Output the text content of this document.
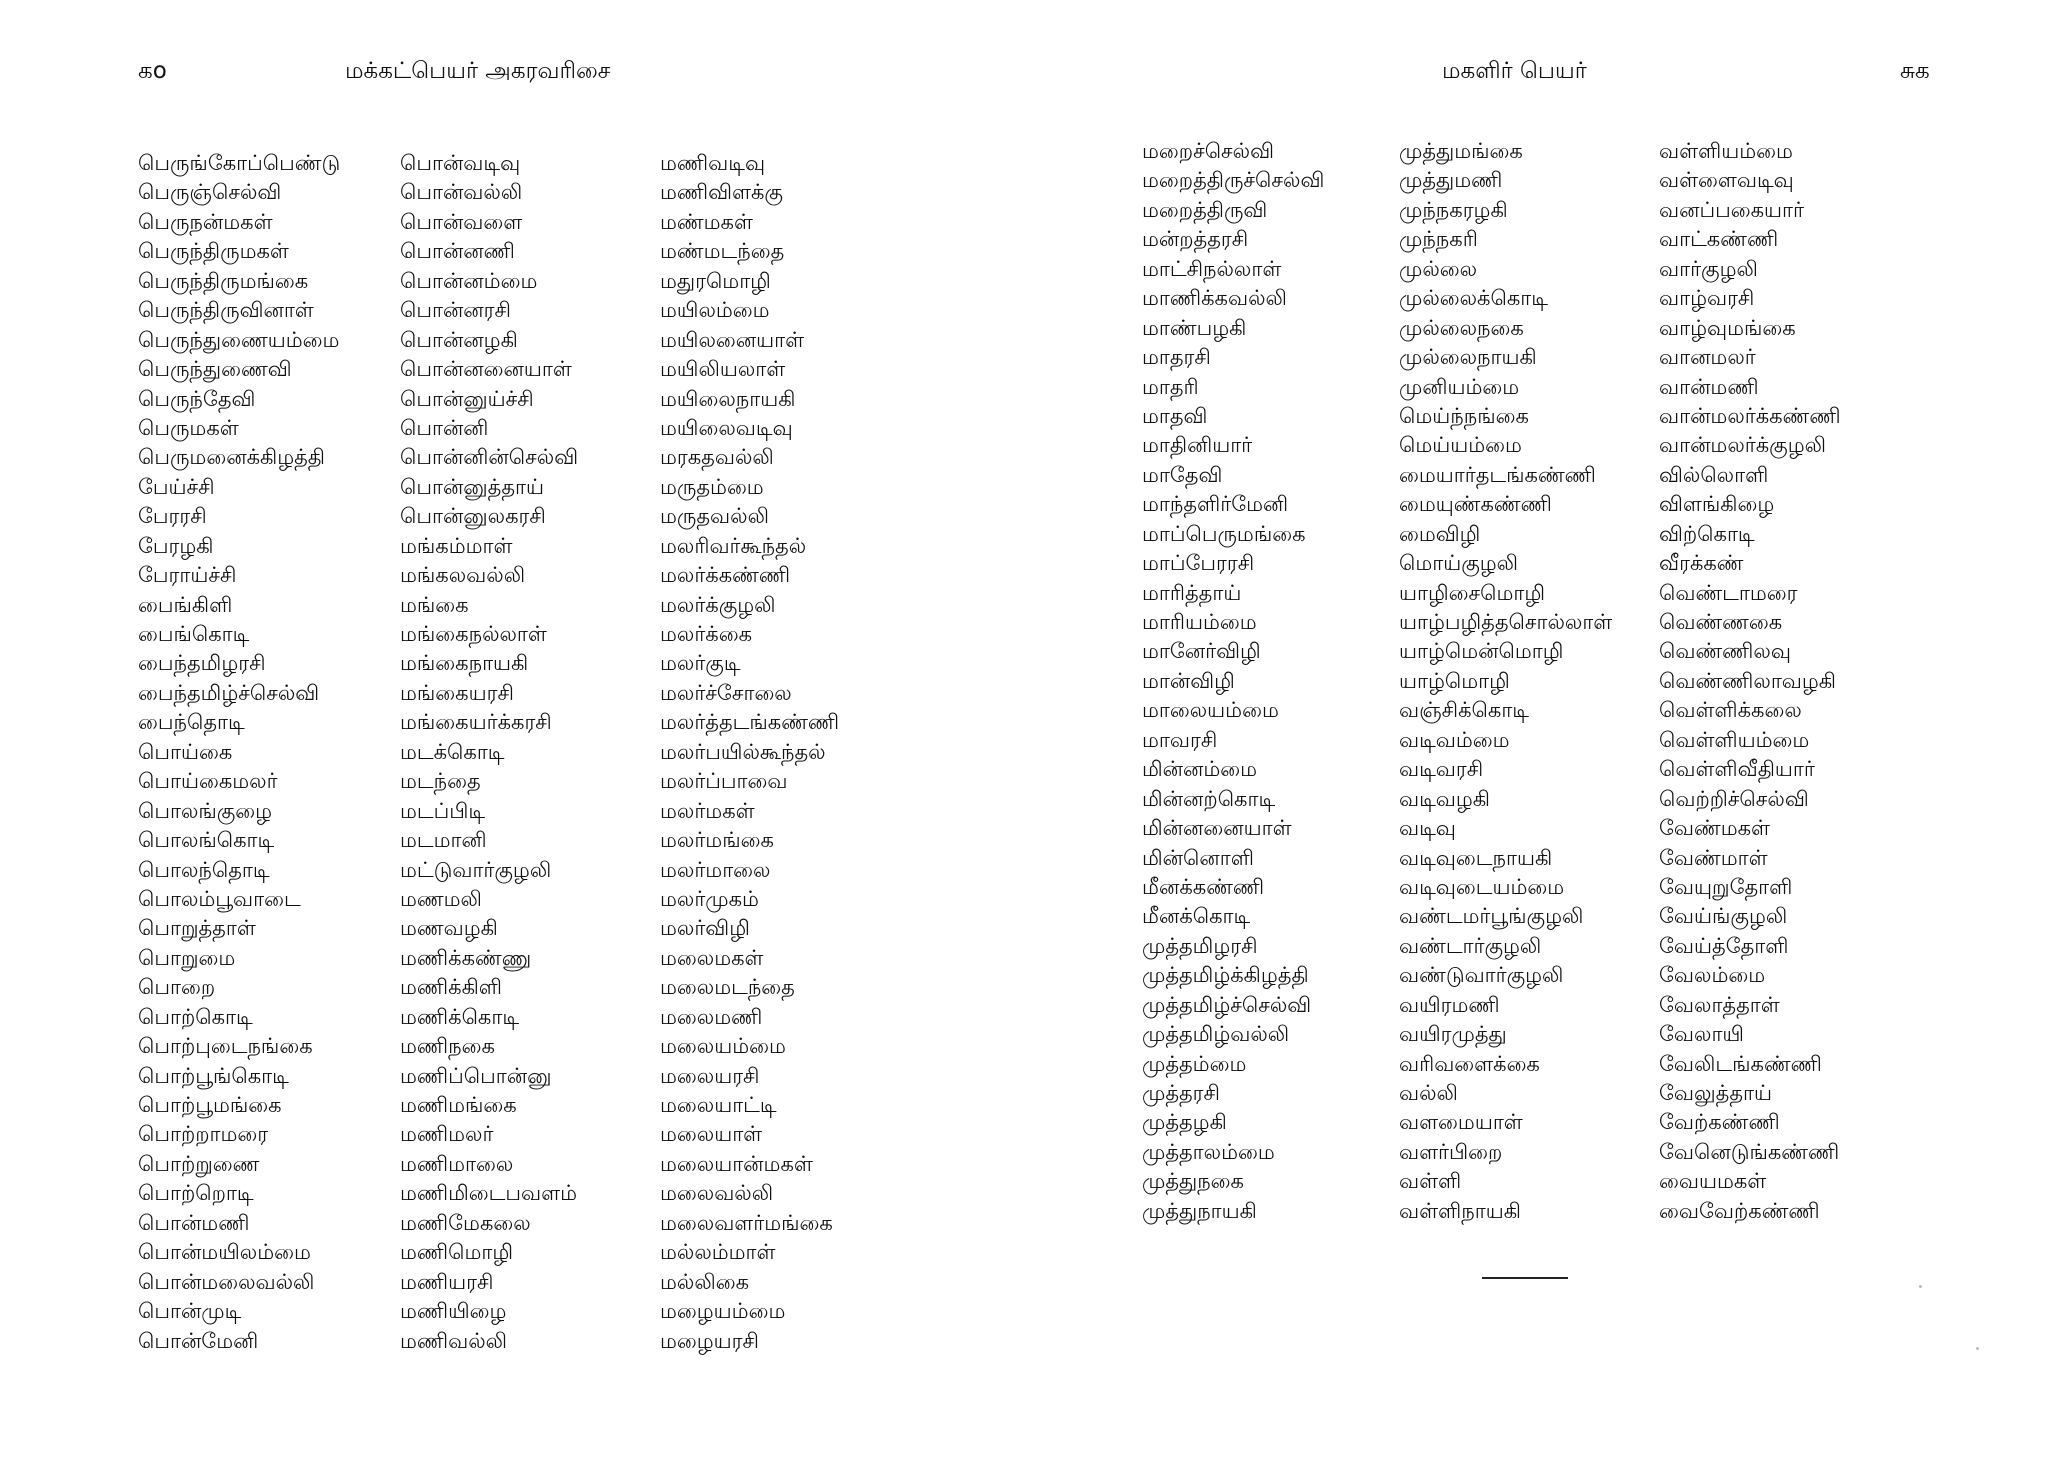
கo	மக்கட்பெயர் அகரவரிசை
பெருங்கோப்பெண்டு
பெருஞ்செல்வி
பெருநன்மகள்
பெருந்திருமகள்
பெருந்திருமங்கை
பெருந்திருவினாள்
பெருந்துணையம்மை
பெருந்துணைவி
பெருந்தேவி
பெருமகள்
பெருமனைக்கிழத்தி
பேய்ச்சி
பேரரசி
பேரழகி
பேராய்ச்சி
பைங்கிளி
பைங்கொடி
பைந்தமிழரசி
பைந்தமிழ்ச்செல்வி
பைந்தொடி
பொய்கை
பொய்கைமலர்
பொலங்குழை
பொலங்கொடி
பொலந்தொடி
பொலம்பூவாடை
பொறுத்தாள்
பொறுமை
பொறை
பொற்கொடி
பொற்புடைநங்கை
பொற்பூங்கொடி
பொற்பூமங்கை
பொற்றாமரை
பொற்றுணை
பொற்றொடி
பொன்மணி
பொன்மயிலம்மை
பொன்மலைவல்லி
பொன்முடி
பொன்மேனி
பொன்வடிவு
பொன்வல்லி
பொன்வளை
பொன்னணி
பொன்னம்மை
பொன்னரசி
பொன்னழகி
பொன்னனையாள்
பொன்னுய்ச்சி
பொன்னி
பொன்னின்செல்வி
பொன்னுத்தாய்
பொன்னுலகரசி
மங்கம்மாள்
மங்கலவல்லி
மங்கை
மங்கைநல்லாள்
மங்கைநாயகி
மங்கையரசி
மங்கையர்க்கரசி
மடக்கொடி
மடந்தை
மடப்பிடி
மடமானி
மட்டுவார்குழலி
மணமலி
மணவழகி
மணிக்கண்ணு
மணிக்கிளி
மணிக்கொடி
மணிநகை
மணிப்பொன்னு
மணிமங்கை
மணிமலர்
மணிமாலை
மணிமிடைபவளம்
மணிமேகலை
மணிமொழி
மணியரசி
மணியிழை
மணிவல்லி
மணிவடிவு
மணிவிளக்கு
மண்மகள்
மண்மடந்தை
மதுரமொழி
மயிலம்மை
மயிலனையாள்
மயிலியலாள்
மயிலைநாயகி
மயிலைவடிவு
மரகதவல்லி
மருதம்மை
மருதவல்லி
மலரிவர்கூந்தல்
மலர்க்கண்ணி
மலர்க்குழலி
மலர்க்கை
மலர்குடி
மலர்ச்சோலை
மலர்த்தடங்கண்ணி
மலர்பயில்கூந்தல்
மலர்ப்பாவை
மலர்மகள்
மலர்மங்கை
மலர்மாலை
மலர்முகம்
மலர்விழி
மலைமகள்
மலைமடந்தை
மலைமணி
மலையம்மை
மலையரசி
மலையாட்டி
மலையாள்
மலையான்மகள்
மலைவல்லி
மலைவளர்மங்கை
மல்லம்மாள்
மல்லிகை
மழையம்மை
மழையரசி
மகளிர் பெயர்	சுக
மறைச்செல்வி
மறைத்திருச்செல்வி
மறைத்திருவி
மன்றத்தரசி
மாட்சிநல்லாள்
மாணிக்கவல்லி
மாண்பழகி
மாதரசி
மாதரி
மாதவி
மாதினியார்
மாதேவி
மாந்தளிர்மேனி
மாப்பெருமங்கை
மாப்பேரரசி
மாரித்தாய்
மாரியம்மை
மானேர்விழி
மான்விழி
மாலையம்மை
மாவரசி
மின்னம்மை
மின்னற்கொடி
மின்னனையாள்
மின்னொளி
மீனக்கண்ணி
மீனக்கொடி
முத்தமிழரசி
முத்தமிழ்க்கிழத்தி
முத்தமிழ்ச்செல்வி
முத்தமிழ்வல்லி
முத்தம்மை
முத்தரசி
முத்தழகி
முத்தாலம்மை
முத்துநகை
முத்துநாயகி
முத்துமங்கை
முத்துமணி
முந்நகரழகி
முந்நகரி
முல்லை
முல்லைக்கொடி
முல்லைநகை
முல்லைநாயகி
முனியம்மை
மெய்ந்நங்கை
மெய்யம்மை
மையார்தடங்கண்ணி
மையுண்கண்ணி
மைவிழி
மொய்குழலி
யாழிசைமொழி
யாழ்பழித்தசொல்லாள்
யாழ்மென்மொழி
யாழ்மொழி
வஞ்சிக்கொடி
வடிவம்மை
வடிவரசி
வடிவழகி
வடிவு
வடிவுடைநாயகி
வடிவுடையம்மை
வண்டமர்பூங்குழலி
வண்டார்குழலி
வண்டுவார்குழலி
வயிரமணி
வயிரமுத்து
வரிவளைக்கை
வல்லி
வளமையாள்
வளர்பிறை
வள்ளி
வள்ளிநாயகி
வள்ளியம்மை
வள்ளைவடிவு
வனப்பகையார்
வாட்கண்ணி
வார்குழலி
வாழ்வரசி
வாழ்வுமங்கை
வானமலர்
வான்மணி
வான்மலர்க்கண்ணி
வான்மலர்க்குழலி
வில்லொளி
விளங்கிழை
விற்கொடி
வீரக்கண்
வெண்டாமரை
வெண்ணகை
வெண்ணிலவு
வெண்ணிலாவழகி
வெள்ளிக்கலை
வெள்ளியம்மை
வெள்ளிவீதியார்
வெற்றிச்செல்வி
வேண்மகள்
வேண்மாள்
வேயுறுதோளி
வேய்ங்குழலி
வேய்த்தோளி
வேலம்மை
வேலாத்தாள்
வேலாயி
வேலிடங்கண்ணி
வேலுத்தாய்
வேற்கண்ணி
வேனெடுங்கண்ணி
வையமகள்
வைவேற்கண்ணி
